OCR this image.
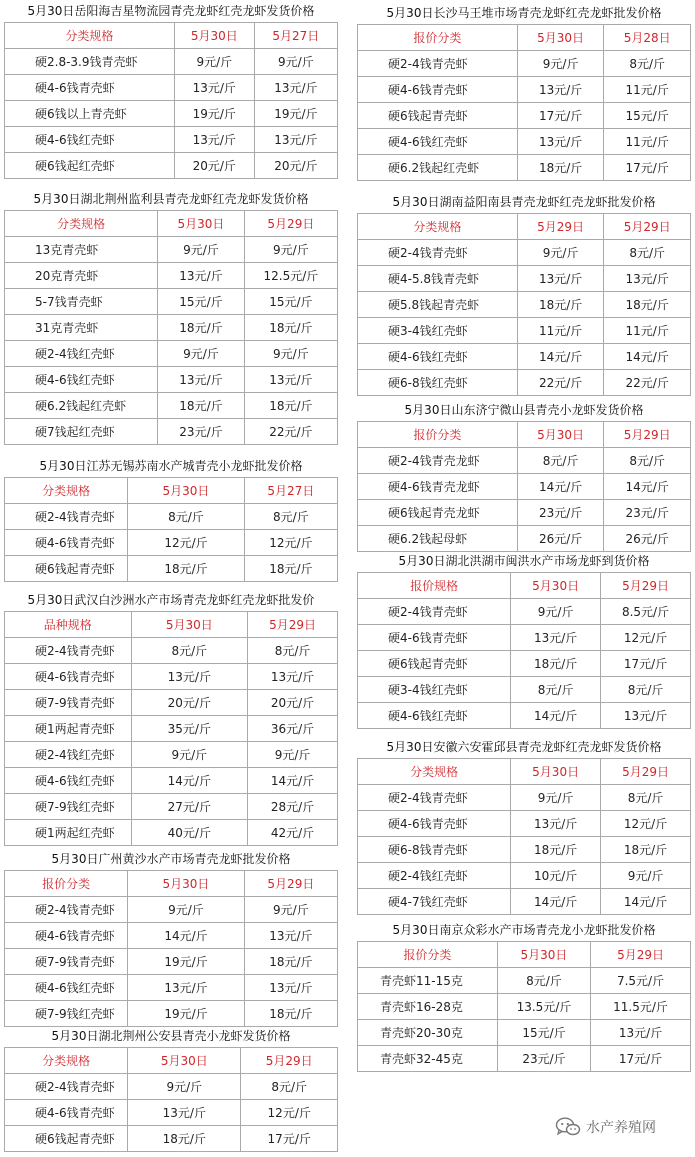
5月30日岳阳海吉星物流园青壳龙虾红壳龙虾发货价格
分类规格	5月30日	5月27日
硬2.8-3.9钱青壳虾	9元/斤	9元/斤
硬4-6钱青壳虾	13元/斤	13元/斤
硬6钱以上青壳虾	19元/斤	19元/斤
硬4-6钱红壳虾	13元/斤	13元/斤
硬6钱起红壳虾	20元/斤	20元/斤
5月30日湖北荆州监利县青壳龙虾红壳龙虾发货价格
分类规格	5月30日	5月29日
13克青壳虾	9元/斤	9元/斤
20克青壳虾	13元/斤	12.5元/斤
5-7钱青壳虾	15元/斤	15元/斤
31克青壳虾	18元/斤	18元/斤
硬2-4钱红壳虾	9元/斤	9元/斤
硬4-6钱红壳虾	13元/斤	13元/斤
硬6.2钱起红壳虾	18元/斤	18元/斤
硬7钱起红壳虾	23元/斤	22元/斤
5月30日江苏无锡苏南水产城青壳小龙虾批发价格
分类规格	5月30日	5月27日
硬2-4钱青壳虾	8元/斤	8元/斤
硬4-6钱青壳虾	12元/斤	12元/斤
硬6钱起青壳虾	18元/斤	18元/斤
5月30日武汉白沙洲水产市场青壳龙虾红壳龙虾批发价
品种规格	5月30日	5月29日
硬2-4钱青壳虾	8元/斤	8元/斤
硬4-6钱青壳虾	13元/斤	13元/斤
硬7-9钱青壳虾	20元/斤	20元/斤
硬1两起青壳虾	35元/斤	36元/斤
硬2-4钱红壳虾	9元/斤	9元/斤
硬4-6钱红壳虾	14元/斤	14元/斤
硬7-9钱红壳虾	27元/斤	28元/斤
硬1两起红壳虾	40元/斤	42元/斤
5月30日广州黄沙水产市场青壳龙虾批发价格
报价分类	5月30日	5月29日
硬2-4钱青壳虾	9元/斤	9元/斤
硬4-6钱青壳虾	14元/斤	13元/斤
硬7-9钱青壳虾	19元/斤	18元/斤
硬4-6钱红壳虾	13元/斤	13元/斤
硬7-9钱红壳虾	19元/斤	18元/斤
5月30日湖北荆州公安县青壳小龙虾发货价格
分类规格	5月30日	5月29日
硬2-4钱青壳虾	9元/斤	8元/斤
硬4-6钱青壳虾	13元/斤	12元/斤
硬6钱起青壳虾	18元/斤	17元/斤
5月30日长沙马王堆市场青壳龙虾红壳龙虾批发价格
报价分类	5月30日	5月28日
硬2-4钱青壳虾	9元/斤	8元/斤
硬4-6钱青壳虾	13元/斤	11元/斤
硬6钱起青壳虾	17元/斤	15元/斤
硬4-6钱红壳虾	13元/斤	11元/斤
硬6.2钱起红壳虾	18元/斤	17元/斤
5月30日湖南益阳南县青壳龙虾红壳龙虾批发价格
分类规格	5月29日	5月29日
硬2-4钱青壳虾	9元/斤	8元/斤
硬4-5.8钱青壳虾	13元/斤	13元/斤
硬5.8钱起青壳虾	18元/斤	18元/斤
硬3-4钱红壳虾	11元/斤	11元/斤
硬4-6钱红壳虾	14元/斤	14元/斤
硬6-8钱红壳虾	22元/斤	22元/斤
5月30日山东济宁微山县青壳小龙虾发货价格
报价分类	5月30日	5月29日
硬2-4钱青壳龙虾	8元/斤	8元/斤
硬4-6钱青壳龙虾	14元/斤	14元/斤
硬6钱起青壳龙虾	23元/斤	23元/斤
硬6.2钱起母虾	26元/斤	26元/斤
5月30日湖北洪湖市闽洪水产市场龙虾到货价格
报价规格	5月30日	5月29日
硬2-4钱青壳虾	9元/斤	8.5元/斤
硬4-6钱青壳虾	13元/斤	12元/斤
硬6钱起青壳虾	18元/斤	17元/斤
硬3-4钱红壳虾	8元/斤	8元/斤
硬4-6钱红壳虾	14元/斤	13元/斤
5月30日安徽六安霍邱县青壳龙虾红壳龙虾发货价格
分类规格	5月30日	5月29日
硬2-4钱青壳虾	9元/斤	8元/斤
硬4-6钱青壳虾	13元/斤	12元/斤
硬6-8钱青壳虾	18元/斤	18元/斤
硬2-4钱红壳虾	10元/斤	9元/斤
硬4-7钱红壳虾	14元/斤	14元/斤
5月30日南京众彩水产市场青壳龙小龙虾批发价格
报价分类	5月30日	5月29日
青壳虾11-15克	8元/斤	7.5元/斤
青壳虾16-28克	13.5元/斤	11.5元/斤
青壳虾20-30克	15元/斤	13元/斤
青壳虾32-45克	23元/斤	17元/斤
水产养殖网
